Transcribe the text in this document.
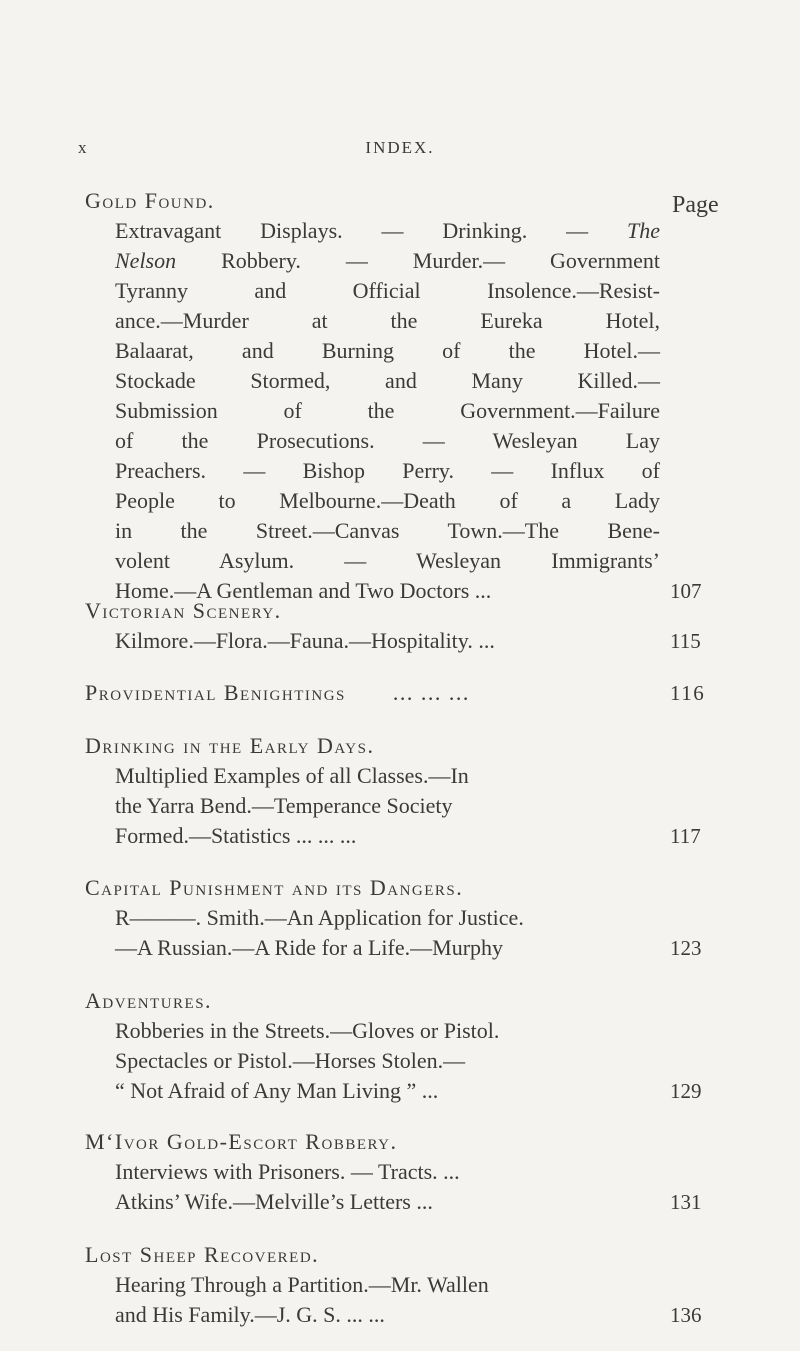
x	INDEX.
Page
Gold Found.
Extravagant Displays. — Drinking. — The
Nelson Robbery. — Murder.— Government
Tyranny and Official Insolence.—Resist-
ance.—Murder at the Eureka Hotel,
Balaarat, and Burning of the Hotel.—
Stockade Stormed, and Many Killed.—
Submission of the Government.—Failure
of the Prosecutions. — Wesleyan Lay
Preachers. — Bishop Perry. — Influx of
People to Melbourne.—Death of a Lady
in the Street.—Canvas Town.—The Bene-
volent Asylum. — Wesleyan Immigrants’
Home.—A Gentleman and Two Doctors ...	107
Victorian Scenery.
Kilmore.—Flora.—Fauna.—Hospitality. ...	115
Providential Benightings ... ... ...	116
Drinking in the Early Days.
Multiplied Examples of all Classes.—In
the Yarra Bend.—Temperance Society
Formed.—Statistics ... ... ...	117
Capital Punishment and its Dangers.
R———. Smith.—An Application for Justice.
—A Russian.—A Ride for a Life.—Murphy	123
Adventures.
Robberies in the Streets.—Gloves or Pistol.
Spectacles or Pistol.—Horses Stolen.—
“ Not Afraid of Any Man Living ” ...	129
M‘Ivor Gold-Escort Robbery.
Interviews with Prisoners. — Tracts. ...
Atkins’ Wife.—Melville’s Letters ...	131
Lost Sheep Recovered.
Hearing Through a Partition.—Mr. Wallen
and His Family.—J. G. S. ... ...	136
